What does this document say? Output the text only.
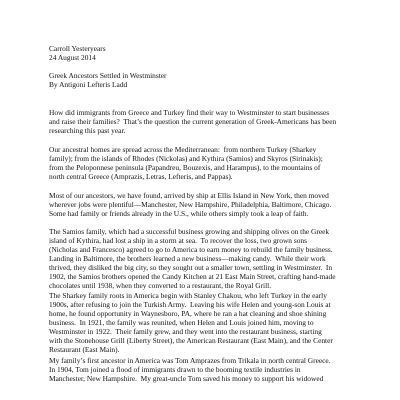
Carroll Yesteryears
24 August 2014
Greek Ancestors Settled in Westminster
By Antigoni Lefteris Ladd
How did immigrants from Greece and Turkey find their way to Westminster to start businesses
and raise their families?  That’s the question the current generation of Greek-Americans has been
researching this past year.
Our ancestral homes are spread across the Mediterranean:  from northern Turkey (Sharkey
family); from the islands of Rhodes (Nickolas) and Kythira (Samios) and Skyros (Sirinakis);
from the Peloponnese peninsula (Papandreu, Bouzexis, and Harampus), to the mountains of
north central Greece (Amprazis, Letras, Lefteris, and Pappas).
Most of our ancestors, we have found, arrived by ship at Ellis Island in New York, then moved
wherever jobs were plentiful—Manchester, New Hampshire, Philadelphia, Baltimore, Chicago.
Some had family or friends already in the U.S., while others simply took a leap of faith.
The Samios family, which had a successful business growing and shipping olives on the Greek
island of Kythira, had lost a ship in a storm at sea.  To recover the loss, two grown sons
(Nicholas and Francesco) agreed to go to America to earn money to rebuild the family business.
Landing in Baltimore, the brothers learned a new business—making candy.  While their work
thrived, they disliked the big city, so they sought out a smaller town, settling in Westminster.  In
1902, the Samios brothers opened the Candy Kitchen at 21 East Main Street, crafting hand-made
chocolates until 1938, when they converted to a restaurant, the Royal Grill.
The Sharkey family roots in America begin with Stanley Chakou, who left Turkey in the early
1900s, after refusing to join the Turkish Army.  Leaving his wife Helen and young-son Louis at
home, he found opportunity in Waynesboro, PA, where he ran a hat cleaning and shoe shining
business.  In 1921, the family was reunited, when Helen and Louis joined him, moving to
Westminster in 1922.  Their family grew, and they went into the restaurant business, starting
with the Stonehouse Grill (Liberty Street), the American Restaurant (East Main), and the Center
Restaurant (East Main).
My family’s first ancestor in America was Tom Amprazes from Trikala in north central Greece.
In 1904, Tom joined a flood of immigrants drawn to the booming textile industries in
Manchester, New Hampshire.  My great-uncle Tom saved his money to support his widowed
